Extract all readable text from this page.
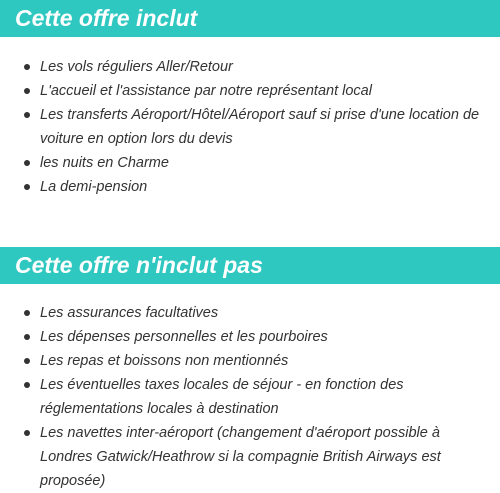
Cette offre inclut
Les vols réguliers Aller/Retour
L'accueil et l'assistance par notre représentant local
Les transferts Aéroport/Hôtel/Aéroport sauf si prise d'une location de voiture en option lors du devis
les nuits en Charme
La demi-pension
Cette offre n'inclut pas
Les assurances facultatives
Les dépenses personnelles et les pourboires
Les repas et boissons non mentionnés
Les éventuelles taxes locales de séjour - en fonction des réglementations locales à destination
Les navettes inter-aéroport (changement d'aéroport possible à Londres Gatwick/Heathrow si la compagnie British Airways est proposée)
